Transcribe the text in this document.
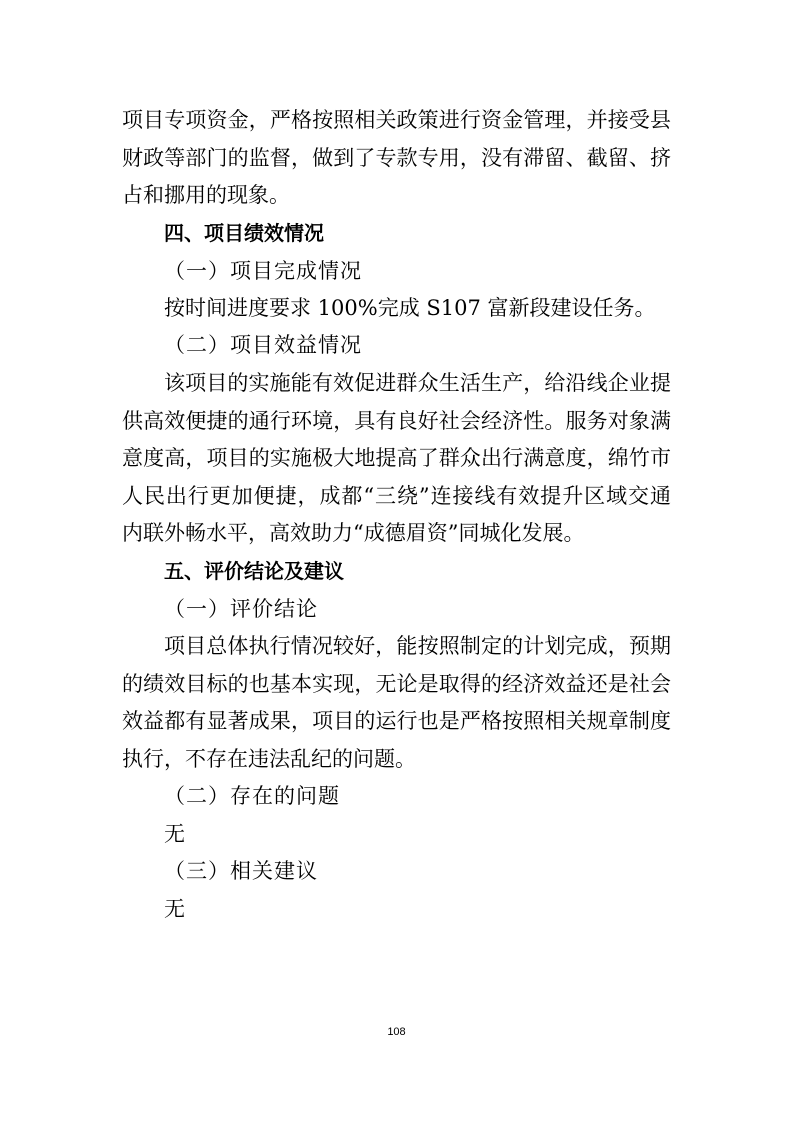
项目专项资金，严格按照相关政策进行资金管理，并接受县
财政等部门的监督，做到了专款专用，没有滞留、截留、挤
占和挪用的现象。
四、项目绩效情况
（一）项目完成情况
按时间进度要求 100%完成 S107 富新段建设任务。
（二）项目效益情况
该项目的实施能有效促进群众生活生产，给沿线企业提
供高效便捷的通行环境，具有良好社会经济性。服务对象满
意度高，项目的实施极大地提高了群众出行满意度，绵竹市
人民出行更加便捷，成都“三绕”连接线有效提升区域交通
内联外畅水平，高效助力“成德眉资”同城化发展。
五、评价结论及建议
（一）评价结论
项目总体执行情况较好，能按照制定的计划完成，预期
的绩效目标的也基本实现，无论是取得的经济效益还是社会
效益都有显著成果，项目的运行也是严格按照相关规章制度
执行，不存在违法乱纪的问题。
（二）存在的问题
无
（三）相关建议
无
108
